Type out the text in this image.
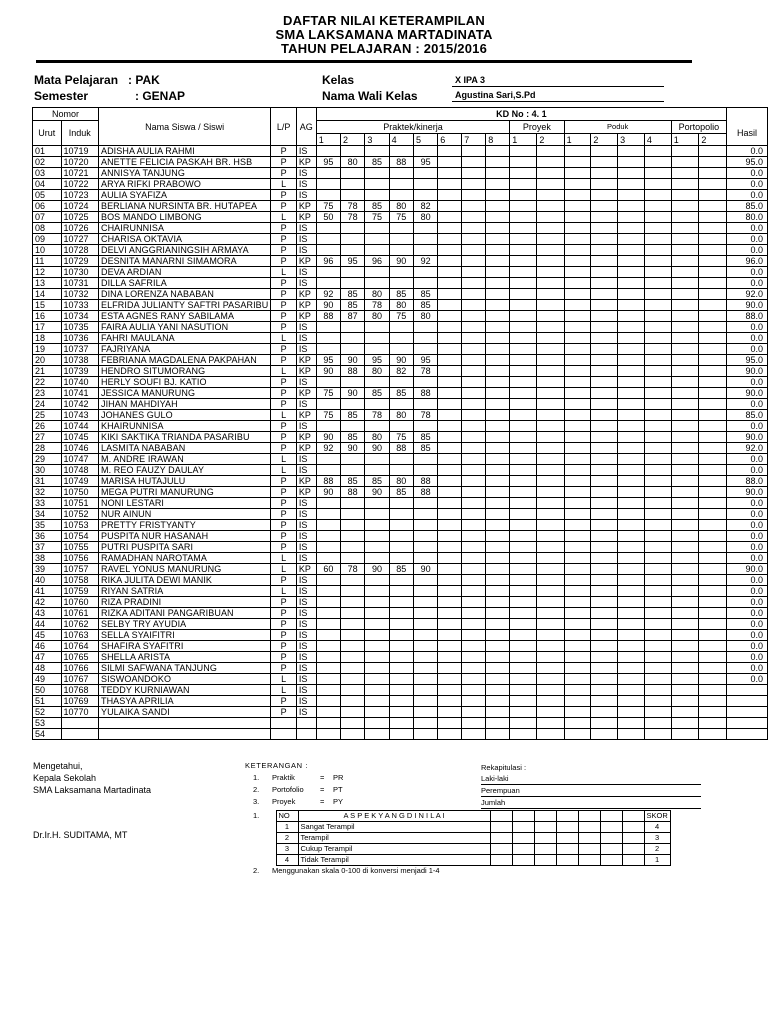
DAFTAR NILAI KETERAMPILAN
SMA LAKSAMANA MARTADINATA
TAHUN PELAJARAN : 2015/2016
Mata Pelajaran : PAK
Semester	: GENAP
Kelas	X IPA 3
Nama Wali Kelas	Agustina Sari,S.Pd
Nomor		Nama Siswa / Siswi	L/P	AG	KD No : 4. 1																
Urut	Induk				Praktek/kinerja								Proyek		Poduk				Portopolio		Hasil
					1	2	3	4	5	6	7	8	1	2	1	2	3	4	1	2	
01	10719	ADISHA AULIA RAHMI	P	IS																	0.0
02	10720	ANETTE FELICIA PASKAH BR. HSB	P	KP	95	80	85	88	95												95.0
03	10721	ANNISYA TANJUNG	P	IS																	0.0
04	10722	ARYA RIFKI PRABOWO	L	IS																	0.0
05	10723	AULIA SYAFIZA	P	IS																	0.0
06	10724	BERLIANA NURSINTA BR. HUTAPEA	P	KP	75	78	85	80	82												85.0
07	10725	BOS MANDO LIMBONG	L	KP	50	78	75	75	80												80.0
08	10726	CHAIRUNNISA	P	IS																	0.0
09	10727	CHARISA OKTAVIA	P	IS																	0.0
10	10728	DELVI ANGGRIANINGSIH ARMAYA	P	IS																	0.0
11	10729	DESNITA MANARNI SIMAMORA	P	KP	96	95	96	90	92												96.0
12	10730	DEVA ARDIAN	L	IS																	0.0
13	10731	DILLA SAFRILA	P	IS																	0.0
14	10732	DINA LORENZA NABABAN	P	KP	92	85	80	85	85												92.0
15	10733	ELFRIDA JULIANTY SAFTRI PASARIBU	P	KP	90	85	78	80	85												90.0
16	10734	ESTA AGNES RANY SABILAMA	P	KP	88	87	80	75	80												88.0
17	10735	FAIRA AULIA YANI NASUTION	P	IS																	0.0
18	10736	FAHRI MAULANA	L	IS																	0.0
19	10737	FAJRIYANA	P	IS																	0.0
20	10738	FEBRIANA MAGDALENA PAKPAHAN	P	KP	95	90	95	90	95												95.0
21	10739	HENDRO SITUMORANG	L	KP	90	88	80	82	78												90.0
22	10740	HERLY SOUFI BJ. KATIO	P	IS																	0.0
23	10741	JESSICA MANURUNG	P	KP	75	90	85	85	88												90.0
24	10742	JIHAN MAHDIYAH	P	IS																	0.0
25	10743	JOHANES GULO	L	KP	75	85	78	80	78												85.0
26	10744	KHAIRUNNISA	P	IS																	0.0
27	10745	KIKI SAKTIKA TRIANDA PASARIBU	P	KP	90	85	80	75	85												90.0
28	10746	LASMITA NABABAN	P	KP	92	90	90	88	85												92.0
29	10747	M. ANDRE IRAWAN	L	IS																	0.0
30	10748	M. REO FAUZY DAULAY	L	IS																	0.0
31	10749	MARISA HUTAJULU	P	KP	88	85	85	80	88												88.0
32	10750	MEGA PUTRI MANURUNG	P	KP	90	88	90	85	88												90.0
33	10751	NONI LESTARI	P	IS																	0.0
34	10752	NUR AINUN	P	IS																	0.0
35	10753	PRETTY FRISTYANTY	P	IS																	0.0
36	10754	PUSPITA NUR HASANAH	P	IS																	0.0
37	10755	PUTRI PUSPITA SARI	P	IS																	0.0
38	10756	RAMADHAN NAROTAMA	L	IS																	0.0
39	10757	RAVEL YONUS MANURUNG	L	KP	60	78	90	85	90												90.0
40	10758	RIKA JULITA DEWI MANIK	P	IS																	0.0
41	10759	RIYAN SATRIA	L	IS																	0.0
42	10760	RIZA PRADINI	P	IS																	0.0
43	10761	RIZKA ADITANI PANGARIBUAN	P	IS																	0.0
44	10762	SELBY TRY AYUDIA	P	IS																	0.0
45	10763	SELLA SYAIFITRI	P	IS																	0.0
46	10764	SHAFIRA SYAFITRI	P	IS																	0.0
47	10765	SHELLA ARISTA	P	IS																	0.0
48	10766	SILMI SAFWANA TANJUNG	P	IS																	0.0
49	10767	SISWOANDOKO	L	IS																	0.0
50	10768	TEDDY KURNIAWAN	L	IS																	
51	10769	THASYA APRILIA	P	IS																	
52	10770	YULAIKA SANDI	P	IS																	
53																					
54																					
Mengetahui,
Kepala Sekolah
SMA Laksamana Martadinata
Dr.Ir.H. SUDITAMA, MT
KETERANGAN :
1. Praktik	= PR
2. Portofolio = PT
3. Proyek	= PY
Rekapitulasi :
Laki-laki
Perempuan
Jumlah
1.
		NO	A S P E K Y A N G D I N I L A I								SKOR
	1	Sangat Terampil								4
	2	Terampil								3
	3	Cukup Terampil								2
	4	Tidak Terampil								1
2. Menggunakan skala 0-100 di konversi menjadi 1-4
